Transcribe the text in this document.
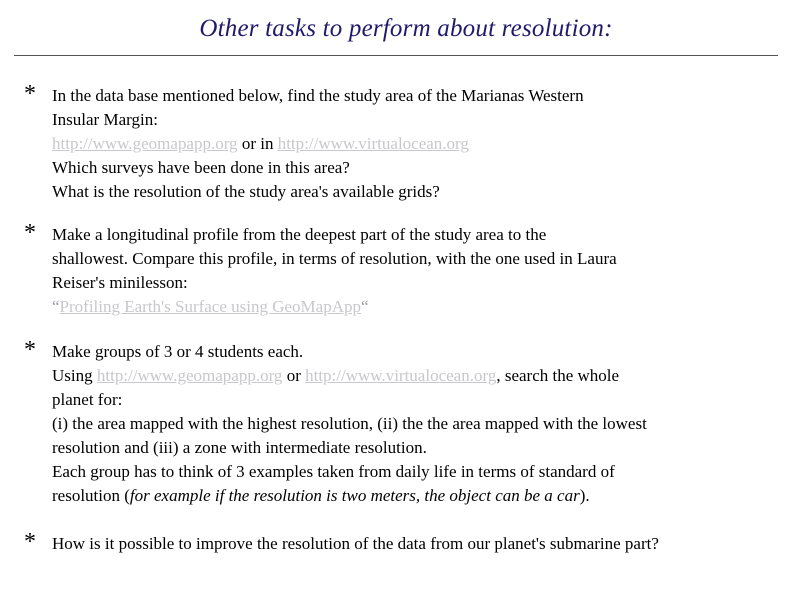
Other tasks to perform about resolution:
* In the data base mentioned below, find the study area of the Marianas Western
Insular Margin:
http://www.geomapapp.org or in http://www.virtualocean.org
Which surveys have been done in this area?
What is the resolution of the study area's available grids?
* Make a longitudinal profile from the deepest part of the study area to the
shallowest. Compare this profile, in terms of resolution, with the one used in Laura
Reiser's minilesson:
“Profiling Earth's Surface using GeoMapApp“
* Make groups of 3 or 4 students each.
Using http://www.geomapapp.org or http://www.virtualocean.org, search the whole
planet for:
(i) the area mapped with the highest resolution, (ii) the the area mapped with the lowest
resolution and (iii) a zone with intermediate resolution.
Each group has to think of 3 examples taken from daily life in terms of standard of
resolution (for example if the resolution is two meters, the object can be a car).
* How is it possible to improve the resolution of the data from our planet's submarine part?
